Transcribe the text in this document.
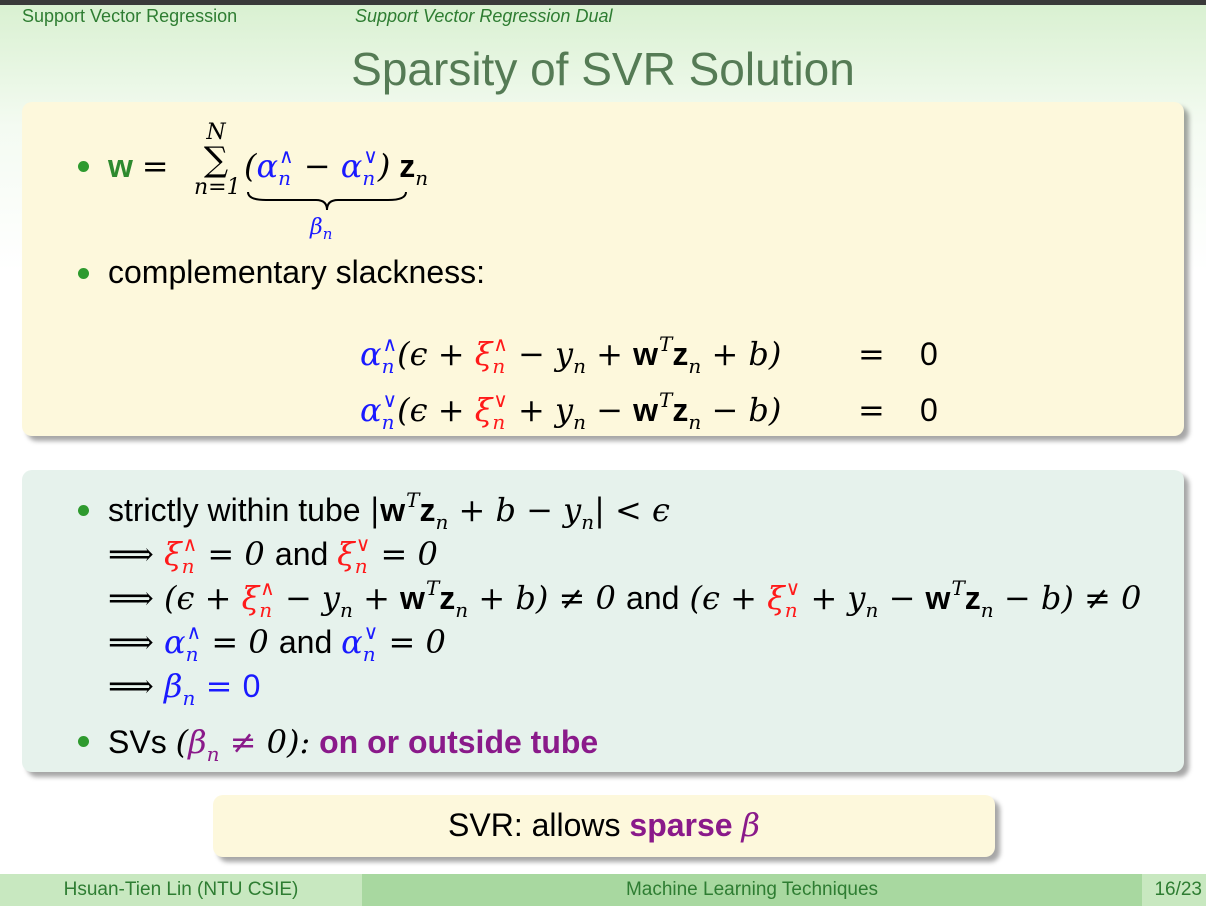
Support Vector Regression	Support Vector Regression Dual
Sparsity of SVR Solution
w =
N
∑
n=1
$(\alpha_n^\wedge - \alpha_n^\vee)$ $z_n$
$\beta_n$
complementary slackness:
$\alpha_n^\wedge(\epsilon + \xi_n^\wedge - y_n + w^Tz_n + b) = 0$
$\alpha_n^\vee(\epsilon + \xi_n^\vee + y_n - w^Tz_n - b) = 0$
strictly within tube $|w^Tz_n + b - y_n| < \epsilon$
⟹ $\xi_n^\wedge = 0$ and $\xi_n^\vee = 0$
⟹ $(\epsilon + \xi_n^\wedge - y_n + w^Tz_n + b) \ne 0$ and $(\epsilon + \xi_n^\vee + y_n - w^Tz_n - b) \ne 0$
⟹ $\alpha_n^\wedge = 0$ and $\alpha_n^\vee = 0$
⟹ $\beta_n = 0$
SVs $(\beta_n \ne 0)$: on or outside tube
SVR: allows sparse β
Hsuan-Tien Lin (NTU CSIE)	Machine Learning Techniques	16/23
